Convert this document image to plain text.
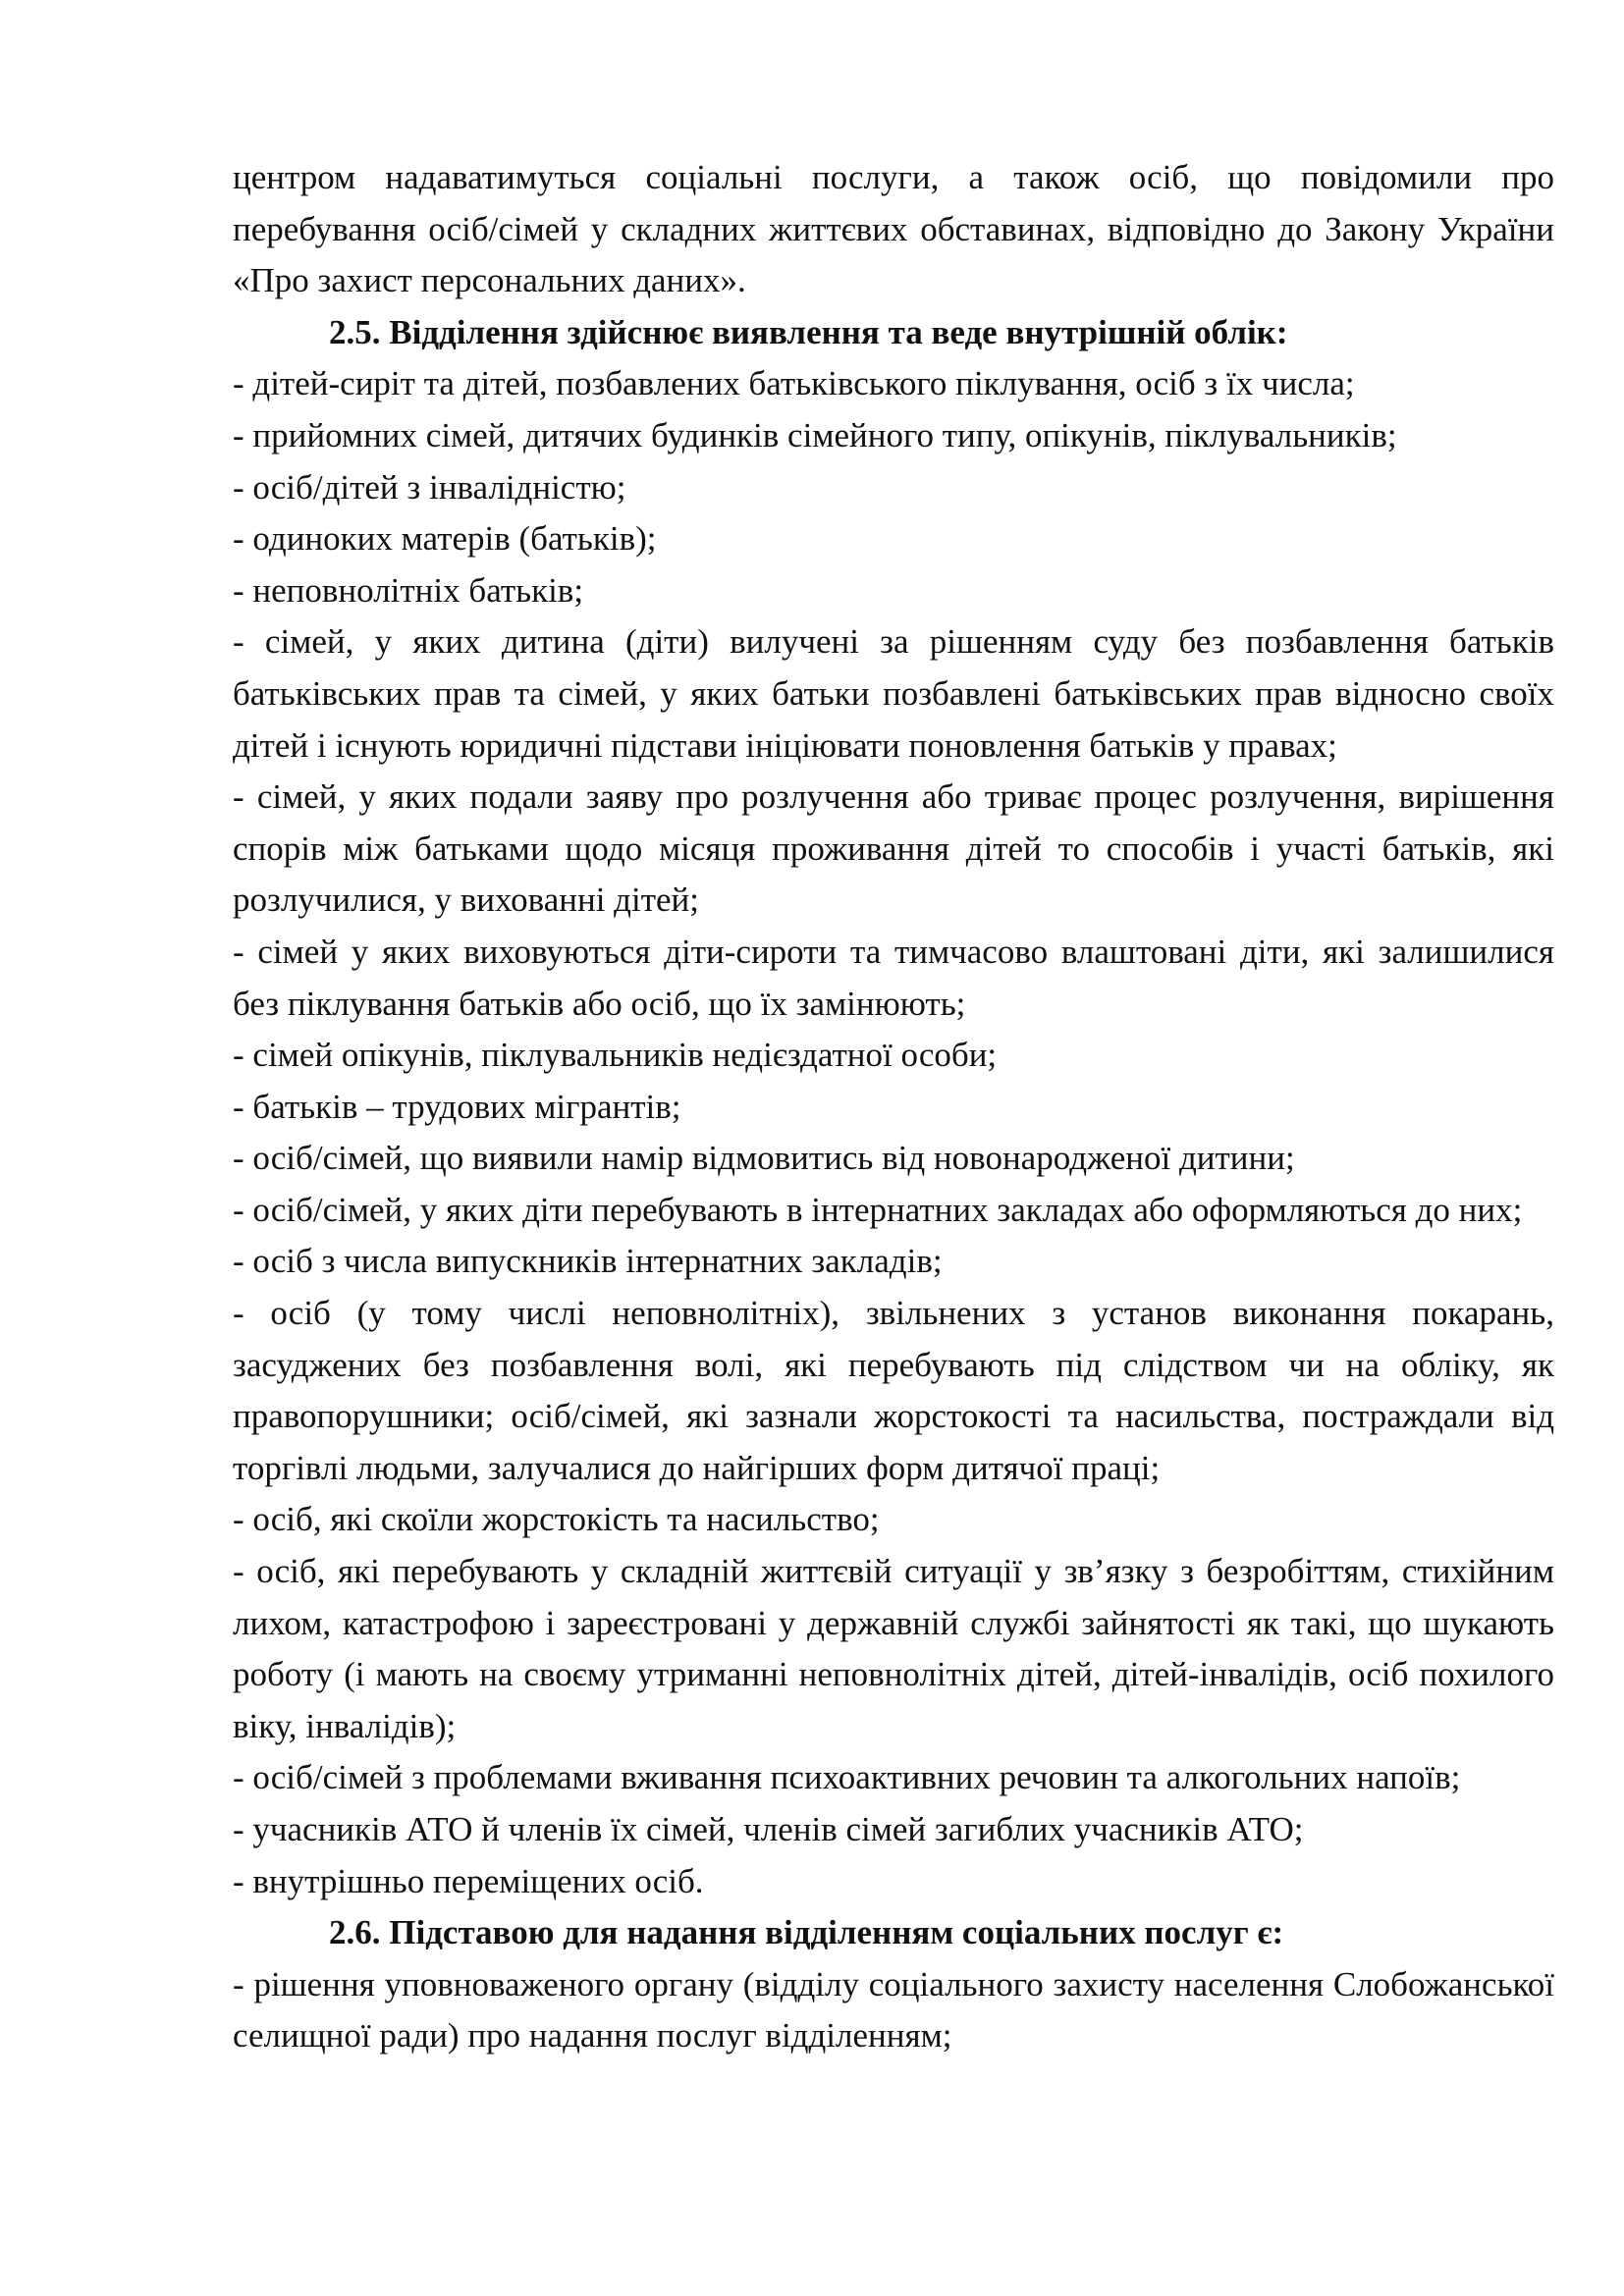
центром надаватимуться соціальні послуги, а також осіб, що повідомили про перебування осіб/сімей у складних життєвих обставинах, відповідно до Закону України «Про захист персональних даних».

2.5. Відділення здійснює виявлення та веде внутрішній облік:

- дітей-сиріт та дітей, позбавлених батьківського піклування, осіб з їх числа;

- прийомних сімей, дитячих будинків сімейного типу, опікунів, піклувальників;

- осіб/дітей з інвалідністю;

- одиноких матерів (батьків);

- неповнолітніх батьків;

- сімей, у яких дитина (діти) вилучені за рішенням суду без позбавлення батьків батьківських прав та сімей, у яких батьки позбавлені батьківських прав відносно своїх дітей і існують юридичні підстави ініціювати поновлення батьків у правах;

- сімей, у яких подали заяву про розлучення або триває процес розлучення, вирішення спорів між батьками щодо місяця проживання дітей то способів і участі батьків, які розлучилися, у вихованні дітей;

- сімей у яких виховуються діти-сироти та тимчасово влаштовані діти, які залишилися без піклування батьків або осіб, що їх замінюють;

- сімей опікунів, піклувальників недієздатної особи;

- батьків – трудових мігрантів;

- осіб/сімей, що виявили намір відмовитись від новонародженої дитини;

- осіб/сімей, у яких діти перебувають в інтернатних закладах або оформляються до них;

- осіб з числа випускників інтернатних закладів;

- осіб (у тому числі неповнолітніх), звільнених з установ виконання покарань, засуджених без позбавлення волі, які перебувають під слідством чи на обліку, як правопорушники; осіб/сімей, які зазнали жорстокості та насильства, постраждали від торгівлі людьми, залучалися до найгірших форм дитячої праці;

- осіб, які скоїли жорстокість та насильство;

- осіб, які перебувають у складній життєвій ситуації у зв’язку з безробіттям, стихійним лихом, катастрофою і зареєстровані у державній службі зайнятості як такі, що шукають роботу (і мають на своєму утриманні неповнолітніх дітей, дітей-інвалідів, осіб похилого віку, інвалідів);

- осіб/сімей з проблемами вживання психоактивних речовин та алкогольних напоїв;

- учасників АТО й членів їх сімей, членів сімей загиблих учасників АТО;

- внутрішньо переміщених осіб.

2.6. Підставою для надання відділенням соціальних послуг є:

- рішення уповноваженого органу (відділу соціального захисту населення Слобожанської селищної ради) про надання послуг відділенням;
